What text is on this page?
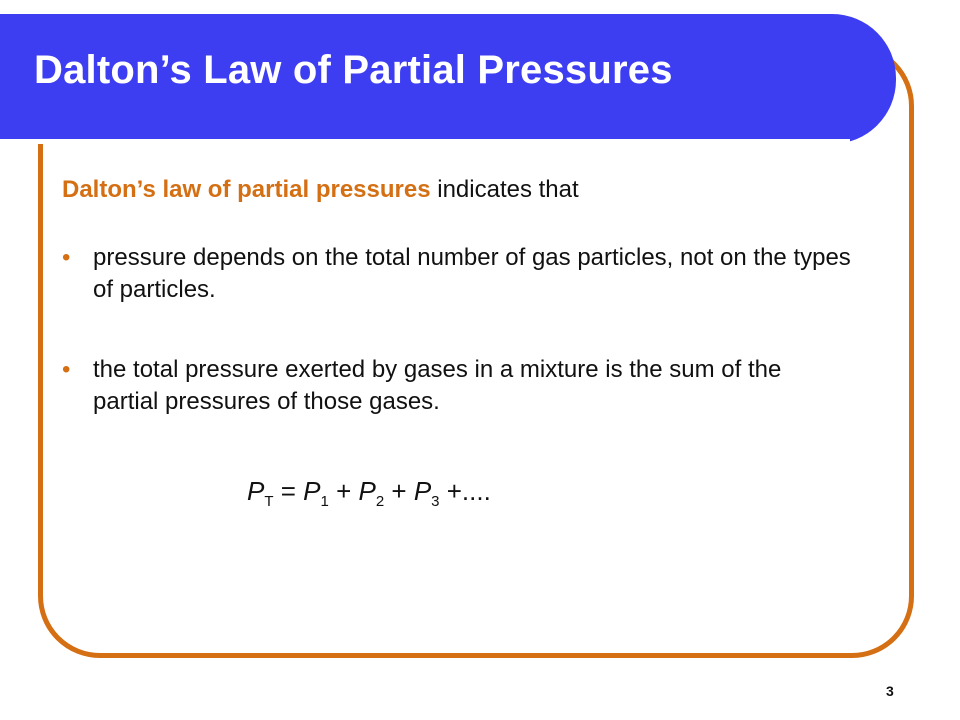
Dalton’s Law of Partial Pressures
Dalton’s law of partial pressures indicates that
• pressure depends on the total number of gas particles, not on the types of particles.
• the total pressure exerted by gases in a mixture is the sum of the partial pressures of those gases.
$P_T = P_1 + P_2 + P_3$ +....
3
